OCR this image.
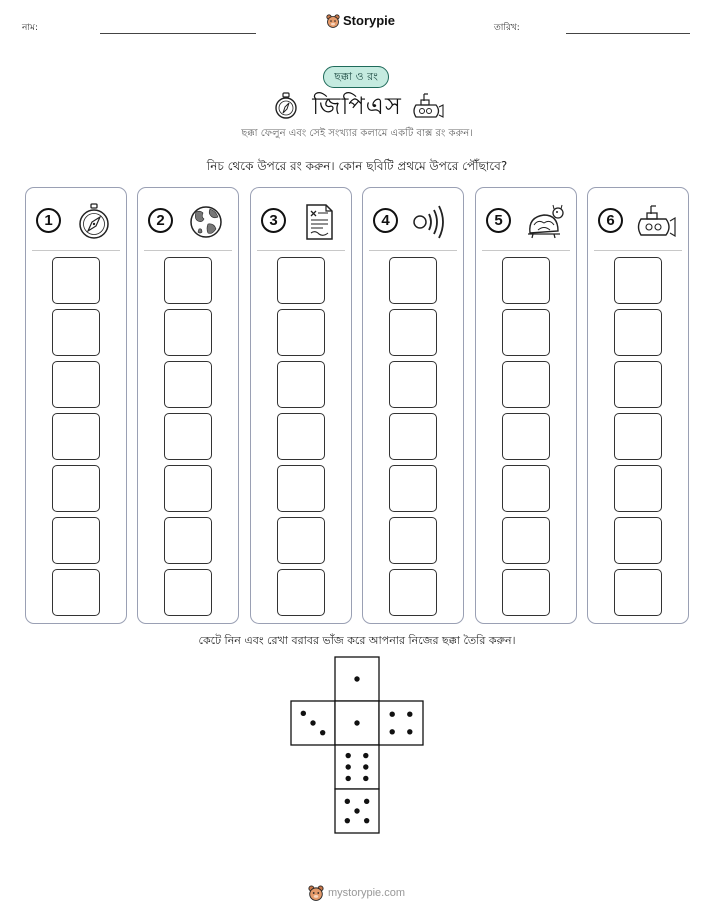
নাম:	Storypie	তারিখ:
ছক্কা ও রং
জিপিএস
ছক্কা ফেলুন এবং সেই সংখ্যার কলামে একটি বাক্স রং করুন।
নিচ থেকে উপরে রং করুন। কোন ছবিটি প্রথমে উপরে পৌঁছাবে?
1	2	3	4	5	6
কেটে নিন এবং রেখা বরাবর ভাঁজ করে আপনার নিজের ছক্কা তৈরি করুন।
mystorypie.com
